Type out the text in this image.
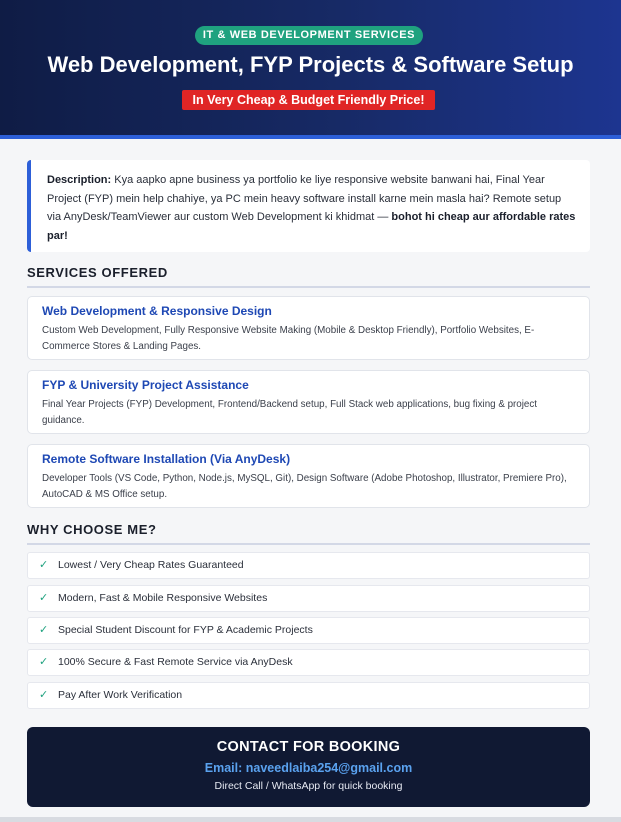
IT & WEB DEVELOPMENT SERVICES
Web Development, FYP Projects & Software Setup
In Very Cheap & Budget Friendly Price!
Description: Kya aapko apne business ya portfolio ke liye responsive website banwani hai, Final Year Project (FYP) mein help chahiye, ya PC mein heavy software install karne mein masla hai? Remote setup via AnyDesk/TeamViewer aur custom Web Development ki khidmat — bohot hi cheap aur affordable rates par!
SERVICES OFFERED
Web Development & Responsive Design
Custom Web Development, Fully Responsive Website Making (Mobile & Desktop Friendly), Portfolio Websites, E-Commerce Stores & Landing Pages.
FYP & University Project Assistance
Final Year Projects (FYP) Development, Frontend/Backend setup, Full Stack web applications, bug fixing & project guidance.
Remote Software Installation (Via AnyDesk)
Developer Tools (VS Code, Python, Node.js, MySQL, Git), Design Software (Adobe Photoshop, Illustrator, Premiere Pro), AutoCAD & MS Office setup.
WHY CHOOSE ME?
✓ Lowest / Very Cheap Rates Guaranteed
✓ Modern, Fast & Mobile Responsive Websites
✓ Special Student Discount for FYP & Academic Projects
✓ 100% Secure & Fast Remote Service via AnyDesk
✓ Pay After Work Verification
CONTACT FOR BOOKING
Email: naveedlaiba254@gmail.com
Direct Call / WhatsApp for quick booking
